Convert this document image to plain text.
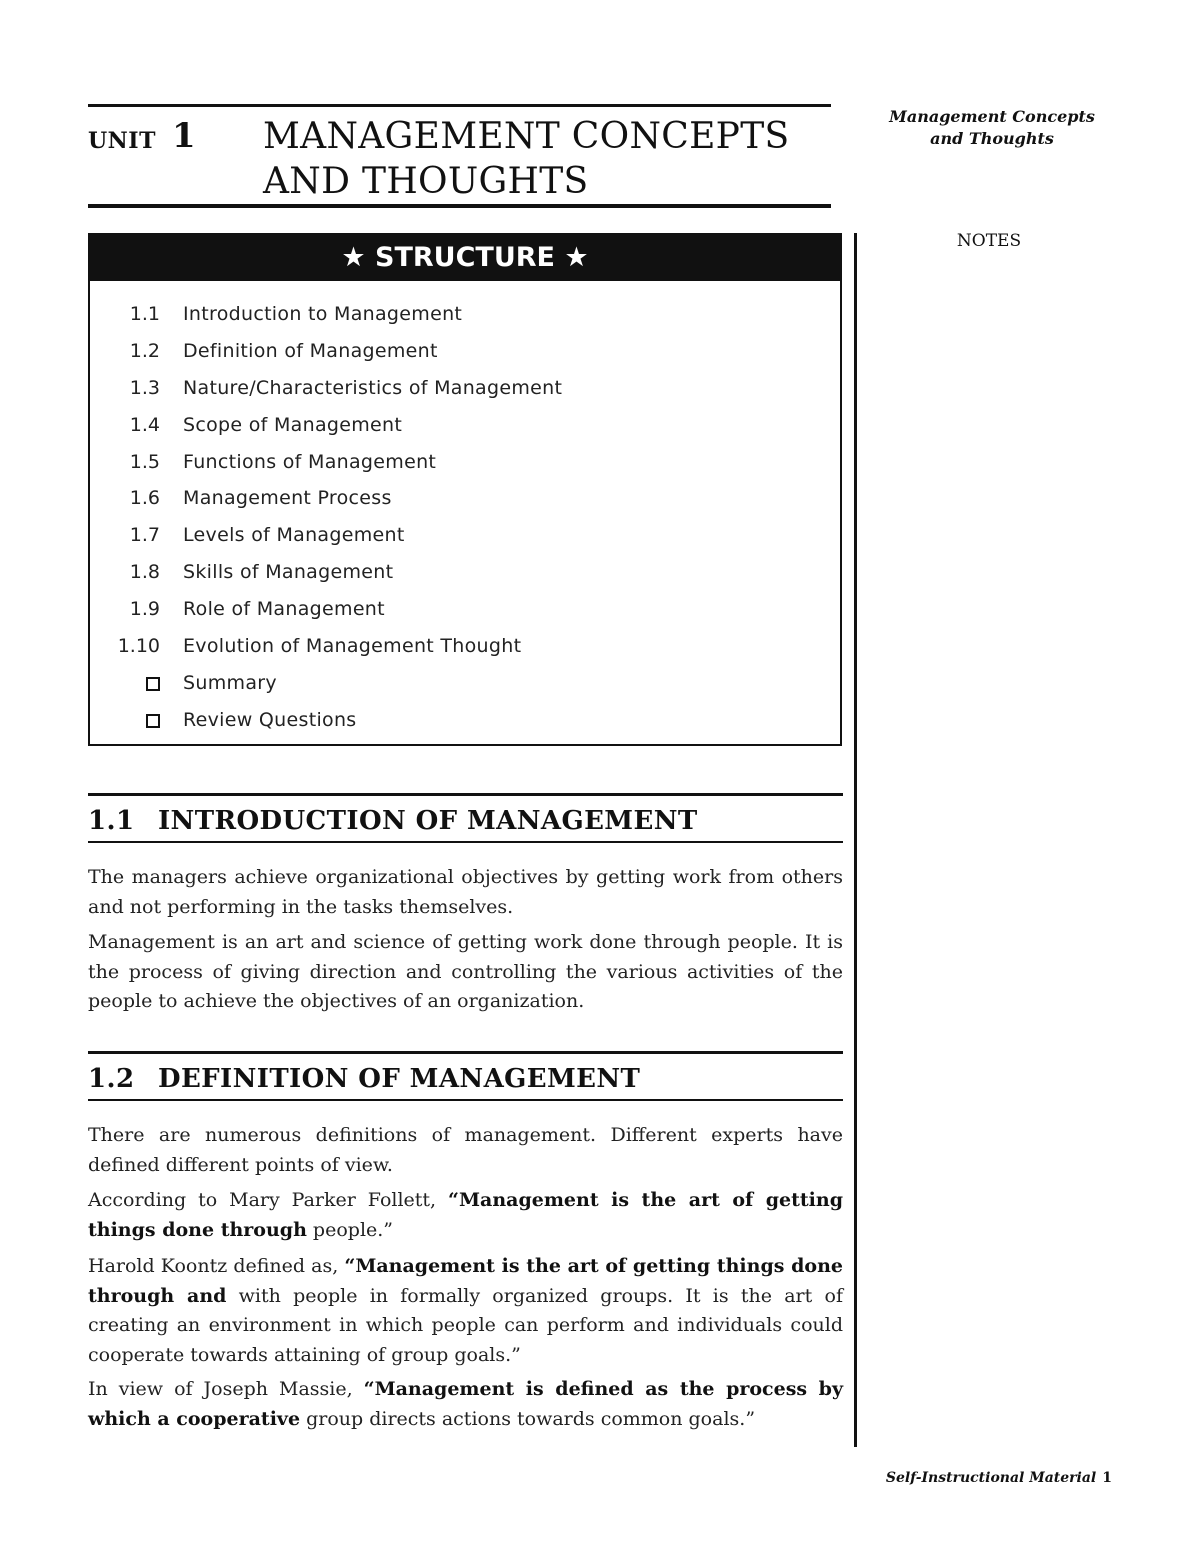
UNIT 1 MANAGEMENT CONCEPTS
AND THOUGHTS
Management Concepts
and Thoughts
NOTES
★ STRUCTURE ★
1.1 Introduction to Management
1.2 Definition of Management
1.3 Nature/Characteristics of Management
1.4 Scope of Management
1.5 Functions of Management
1.6 Management Process
1.7 Levels of Management
1.8 Skills of Management
1.9 Role of Management
1.10 Evolution of Management Thought
Summary
Review Questions
1.1 INTRODUCTION OF MANAGEMENT

The managers achieve organizational objectives by getting work from others and not performing in the tasks themselves.

Management is an art and science of getting work done through people. It is the process of giving direction and controlling the various activities of the people to achieve the objectives of an organization.

1.2 DEFINITION OF MANAGEMENT

There are numerous definitions of management. Different experts have defined different points of view.

According to Mary Parker Follett, “Management is the art of getting things done through people.”

Harold Koontz defined as, “Management is the art of getting things done through and with people in formally organized groups. It is the art of creating an environment in which people can perform and individuals could cooperate towards attaining of group goals.”

In view of Joseph Massie, “Management is defined as the process by which a cooperative group directs actions towards common goals.”

Self-Instructional Material 1
